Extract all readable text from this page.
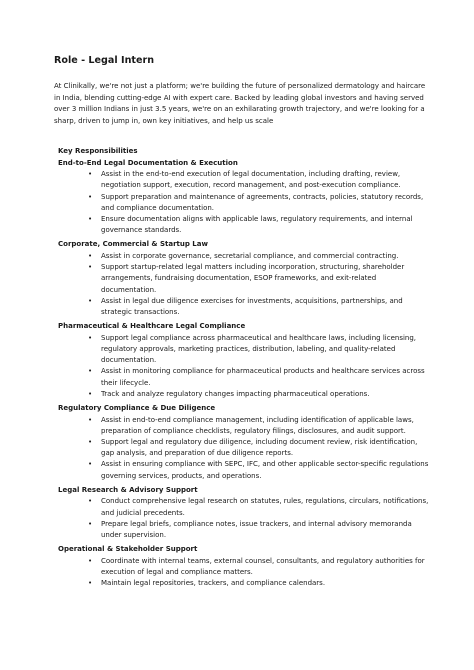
Role - Legal Intern

At Clinikally, we're not just a platform; we're building the future of personalized dermatology and haircare in India, blending cutting-edge AI with expert care. Backed by leading global investors and having served over 3 million Indians in just 3.5 years, we're on an exhilarating growth trajectory, and we're looking for a sharp, driven to jump in, own key initiatives, and help us scale

Key Responsibilities

End-to-End Legal Documentation & Execution

• Assist in the end-to-end execution of legal documentation, including drafting, review, negotiation support, execution, record management, and post-execution compliance.
• Support preparation and maintenance of agreements, contracts, policies, statutory records, and compliance documentation.
• Ensure documentation aligns with applicable laws, regulatory requirements, and internal governance standards.

Corporate, Commercial & Startup Law

• Assist in corporate governance, secretarial compliance, and commercial contracting.
• Support startup-related legal matters including incorporation, structuring, shareholder arrangements, fundraising documentation, ESOP frameworks, and exit-related documentation.
• Assist in legal due diligence exercises for investments, acquisitions, partnerships, and strategic transactions.

Pharmaceutical & Healthcare Legal Compliance

• Support legal compliance across pharmaceutical and healthcare laws, including licensing, regulatory approvals, marketing practices, distribution, labeling, and quality-related documentation.
• Assist in monitoring compliance for pharmaceutical products and healthcare services across their lifecycle.
• Track and analyze regulatory changes impacting pharmaceutical operations.

Regulatory Compliance & Due Diligence

• Assist in end-to-end compliance management, including identification of applicable laws, preparation of compliance checklists, regulatory filings, disclosures, and audit support.
• Support legal and regulatory due diligence, including document review, risk identification, gap analysis, and preparation of due diligence reports.
• Assist in ensuring compliance with SEPC, IFC, and other applicable sector-specific regulations governing services, products, and operations.

Legal Research & Advisory Support

• Conduct comprehensive legal research on statutes, rules, regulations, circulars, notifications, and judicial precedents.
• Prepare legal briefs, compliance notes, issue trackers, and internal advisory memoranda under supervision.

Operational & Stakeholder Support

• Coordinate with internal teams, external counsel, consultants, and regulatory authorities for execution of legal and compliance matters.
• Maintain legal repositories, trackers, and compliance calendars.
